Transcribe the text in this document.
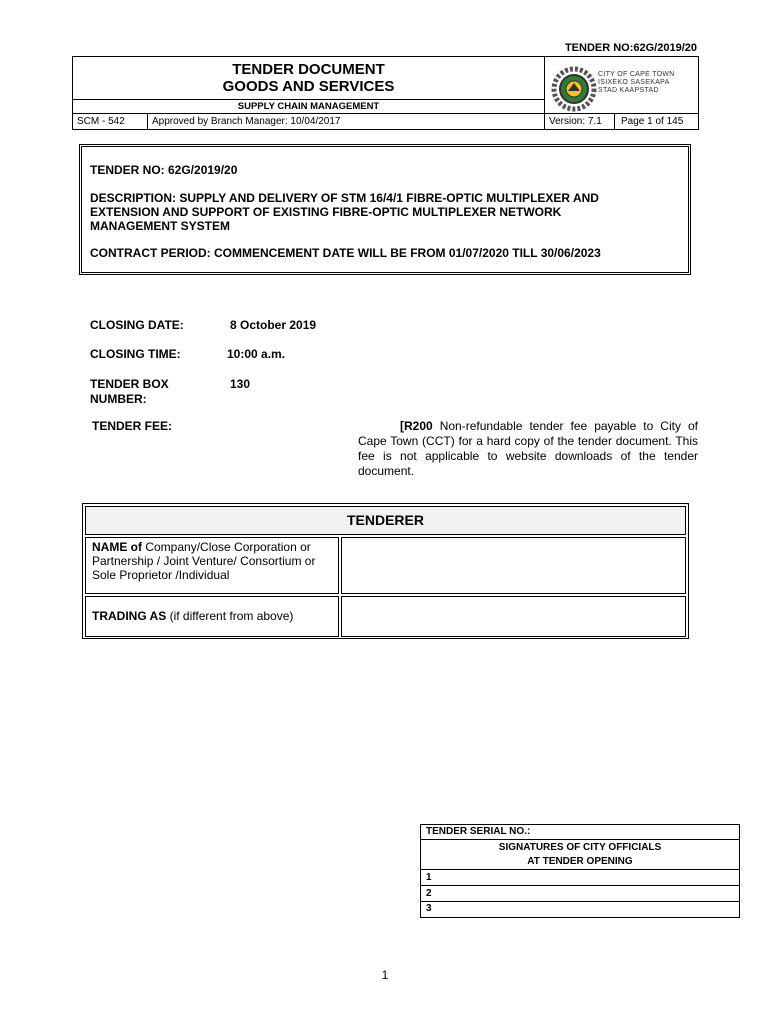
TENDER NO:62G/2019/20
TENDER DOCUMENT
GOODS AND SERVICES
SUPPLY CHAIN MANAGEMENT
CITY OF CAPE TOWN
ISIXEKO SASEKAPA
STAD KAAPSTAD
SCM - 542	Approved by Branch Manager: 10/04/2017	Version: 7.1	Page 1 of 145
TENDER NO: 62G/2019/20
DESCRIPTION: SUPPLY AND DELIVERY OF STM 16/4/1 FIBRE-OPTIC MULTIPLEXER AND
EXTENSION AND SUPPORT OF EXISTING FIBRE-OPTIC MULTIPLEXER NETWORK
MANAGEMENT SYSTEM
CONTRACT PERIOD: COMMENCEMENT DATE WILL BE FROM 01/07/2020 TILL 30/06/2023
CLOSING DATE:	8 October 2019
CLOSING TIME:	10:00 a.m.
TENDER BOX
NUMBER:
130
TENDER FEE:	[R200 Non-refundable tender fee payable to City of Cape Town (CCT) for a hard copy of the tender document. This fee is not applicable to website downloads of the tender document.
TENDERER
NAME of Company/Close Corporation or Partnership / Joint Venture/ Consortium or
Sole Proprietor /Individual
TRADING AS (if different from above)
TENDER SERIAL NO.:
SIGNATURES OF CITY OFFICIALS
AT TENDER OPENING
1
2
3
1
